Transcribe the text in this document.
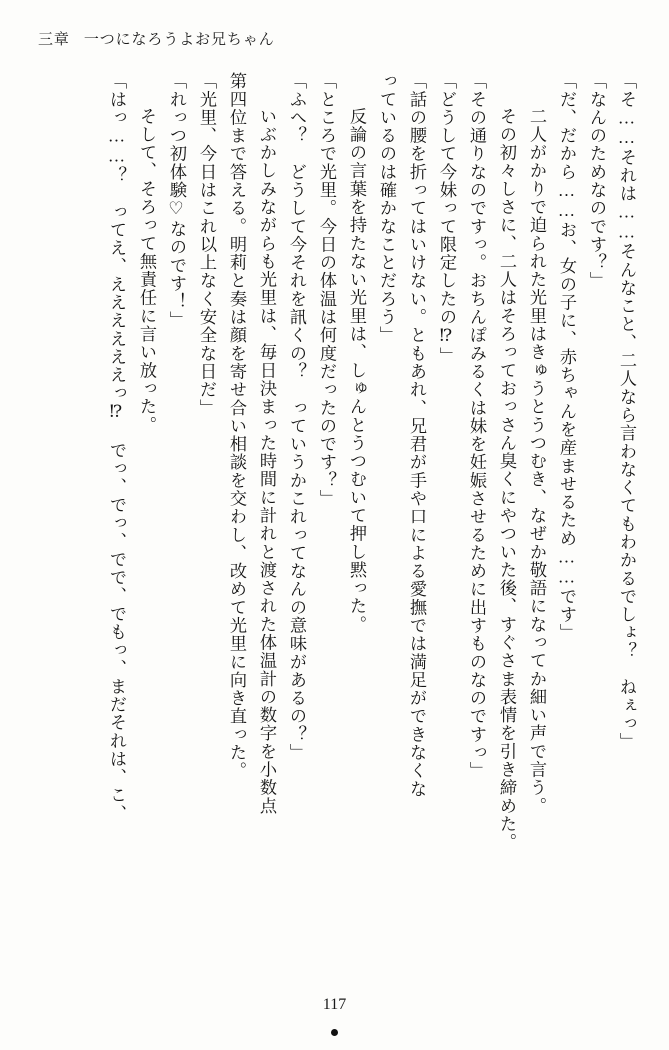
三章 一つになろうよお兄ちゃん
「そ……それは……そんなこと、二人なら言わなくてもわかるでしょ？　ねぇっ」
「なんのためなのです？」
「だ、だから……お、女の子に、赤ちゃんを産ませるため……です」
　二人がかりで迫られた光里はきゅうとうつむき、なぜか敬語になってか細い声で言う。
　その初々しさに、二人はそろっておっさん臭くにやついた後、すぐさま表情を引き締めた。
「その通りなのですっ。おちんぽみるくは妹を妊娠させるために出すものなのですっ」
「どうして今妹って限定したの⁉」
「話の腰を折ってはいけない。ともあれ、兄君が手や口による愛撫では満足ができなくな
っているのは確かなことだろう」
　反論の言葉を持たない光里は、しゅんとうつむいて押し黙った。
「ところで光里。今日の体温は何度だったのです？」
「ふへ？　どうして今それを訊くの？　っていうかこれってなんの意味があるの？」
　いぶかしみながらも光里は、毎日決まった時間に計れと渡された体温計の数字を小数点
第四位まで答える。明莉と奏は顔を寄せ合い相談を交わし、改めて光里に向き直った。
「光里、今日はこれ以上なく安全な日だ」
「れっつ初体験♡なのです！」
　そして、そろって無責任に言い放った。
「はっ……？　ってえ、ええええええっ⁉　でっ、でっ、でで、でもっ、まだそれは、こ、
117
